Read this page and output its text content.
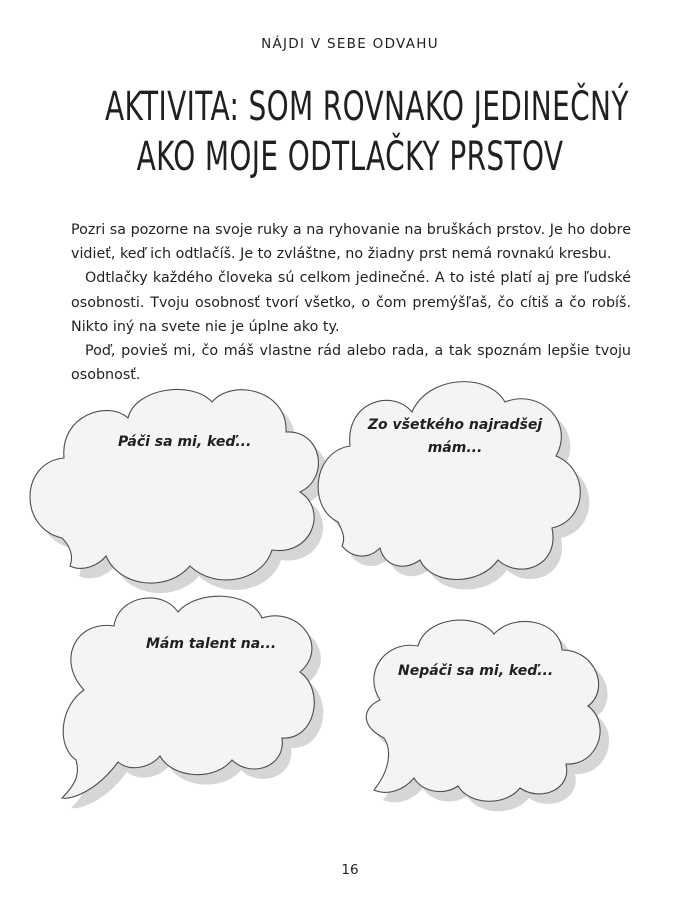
NÁJDI V SEBE ODVAHU
AKTIVITA: SOM ROVNAKO JEDINEČNÝ
AKO MOJE ODTLAČKY PRSTOV

Pozri sa pozorne na svoje ruky a na ryhovanie na bruškách prstov. Je ho dobre vidieť, keď ich odtlačíš. Je to zvláštne, no žiadny prst nemá rovnakú kresbu.

Odtlačky každého človeka sú celkom jedinečné. A to isté platí aj pre ľudské osobnosti. Tvoju osobnosť tvorí všetko, o čom premýšľaš, čo cítiš a čo robíš. Nikto iný na svete nie je úplne ako ty.

Poď, povieš mi, čo máš vlastne rád alebo rada, a tak spoznám lepšie tvoju osobnosť.

Páči sa mi, keď...
Zo všetkého najradšej
mám...
Mám talent na...
Nepáči sa mi, keď...
16
